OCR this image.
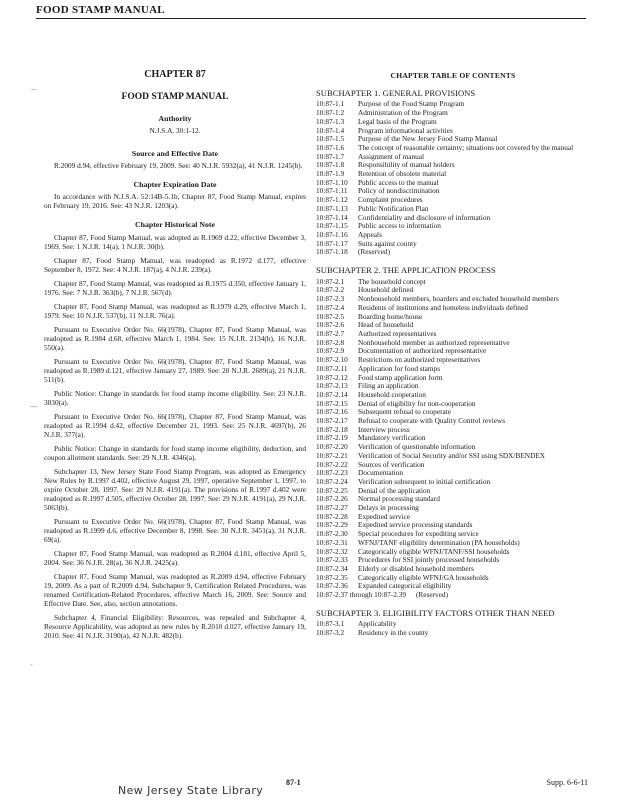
FOOD STAMP MANUAL
⌒
—
-
CHAPTER 87
FOOD STAMP MANUAL
Authority
N.J.S.A. 30:1-12.
Source and Effective Date
R.2009 d.94, effective February 19, 2009. See: 40 N.J.R. 5932(a), 41 N.J.R. 1245(b).
Chapter Expiration Date
In accordance with N.J.S.A. 52:14B-5.1b, Chapter 87, Food Stamp Manual, expires on February 19, 2016. See: 43 N.J.R. 1203(a).
Chapter Historical Note
Chapter 87, Food Stamp Manual, was adopted as R.1969 d.22, effective December 3, 1969. See: 1 N.J.R. 14(a), 1 N.J.R. 30(b).
Chapter 87, Food Stamp Manual, was readopted as R.1972 d.177, effective September 8, 1972. See: 4 N.J.R. 187(a), 4 N.J.R. 239(a).
Chapter 87, Food Stamp Manual, was readopted as R.1975 d.350, effective January 1, 1976. See: 7 N.J.R. 363(b), 7 N.J.R. 567(d).
Chapter 87, Food Stamp Manual, was readopted as R.1979 d.29, effective March 1, 1979. See: 10 N.J.R. 537(b), 11 N.J.R. 76(a).
Pursuant to Executive Order No. 66(1978), Chapter 87, Food Stamp Manual, was readopted as R.1984 d.68, effective March 1, 1984. See: 15 N.J.R. 2134(b), 16 N.J.R. 550(a).
Pursuant to Executive Order No. 66(1978), Chapter 87, Food Stamp Manual, was readopted as R.1989 d.121, effective January 27, 1989. See: 20 N.J.R. 2689(a), 21 N.J.R. 511(b).
Public Notice: Change in standards for food stamp income eligibility. See: 23 N.J.R. 3030(a).
Pursuant to Executive Order No. 66(1978), Chapter 87, Food Stamp Manual, was readopted as R.1994 d.42, effective December 21, 1993. See: 25 N.J.R. 4697(b), 26 N.J.R. 377(a).
Public Notice: Change in standards for food stamp income eligibility, deduction, and coupon allotment standards. See: 29 N.J.R. 4346(a).
Subchapter 13, New Jersey State Food Stamp Program, was adopted as Emergency New Rules by R.1997 d.402, effective August 29, 1997, operative September 1, 1997, to expire October 28, 1997. See: 29 N.J.R. 4191(a). The provisions of R.1997 d.402 were readopted as R.1997 d.505, effective October 28, 1997. See: 29 N.J.R. 4191(a), 29 N.J.R. 5063(b).
Pursuant to Executive Order No. 66(1978), Chapter 87, Food Stamp Manual, was readopted as R.1999 d.6, effective December 8, 1998. See: 30 N.J.R. 3451(a), 31 N.J.R. 69(a).
Chapter 87, Food Stamp Manual, was readopted as R.2004 d.181, effective April 5, 2004. See: 36 N.J.R. 28(a), 36 N.J.R. 2425(a).
Chapter 87, Food Stamp Manual, was readopted as R.2009 d.94, effective February 19, 2009. As a part of R.2009 d.94, Subchapter 9, Certification Related Procedures, was renamed Certification-Related Procedures, effective March 16, 2009. See: Source and Effective Date. See, also, section annotations.
Subchapter 4, Financial Eligibility: Resources, was repealed and Subchapter 4, Resource Applicability, was adopted as new rules by R.2010 d.027, effective January 19, 2010. See: 41 N.J.R. 3190(a), 42 N.J.R. 482(b).
CHAPTER TABLE OF CONTENTS
SUBCHAPTER 1. GENERAL PROVISIONS
10:87-1.1	Purpose of the Food Stamp Program
10:87-1.2	Administration of the Program
10:87-1.3	Legal basis of the Program
10:87-1.4	Program informational activities
10:87-1.5	Purpose of the New Jersey Food Stamp Manual
10:87-1.6	The concept of reasonable certainty; situations not covered by the manual
10:87-1.7	Assignment of manual
10:87-1.8	Responsibility of manual holders
10:87-1.9	Retention of obsolete material
10:87-1.10	Public access to the manual
10:87-1.11	Policy of nondiscrimination
10:87-1.12	Complaint procedures
10:87-1.13	Public Notification Plan
10:87-1.14	Confidentiality and disclosure of information
10:87-1.15	Public access to information
10:87-1.16	Appeals
10:87-1.17	Suits against county
10:87-1.18	(Reserved)
SUBCHAPTER 2. THE APPLICATION PROCESS
10:87-2.1	The household concept
10:87-2.2	Household defined
10:87-2.3	Nonhousehold members, boarders and excluded household members
10:87-2.4	Residents of institutions and homeless individuals defined
10:87-2.5	Boarding home/house
10:87-2.6	Head of household
10:87-2.7	Authorized representatives
10:87-2.8	Nonhousehold member as authorized representative
10:87-2.9	Documentation of authorized representative
10:87-2.10	Restrictions on authorized representatives
10:87-2.11	Application for food stamps
10:87-2.12	Food stamp application form
10:87-2.13	Filing an application
10:87-2.14	Household cooperation
10:87-2.15	Denial of eligibility for non-cooperation
10:87-2.16	Subsequent refusal to cooperate
10:87-2.17	Refusal to cooperate with Quality Control reviews
10:87-2.18	Interview process
10:87-2.19	Mandatory verification
10:87-2.20	Verification of questionable information
10:87-2.21	Verification of Social Security and/or SSI using SDX/BENDEX
10:87-2.22	Sources of verification
10:87-2.23	Documentation
10:87-2.24	Verification subsequent to initial certification
10:87-2.25	Denial of the application
10:87-2.26	Normal processing standard
10:87-2.27	Delays in processing
10:87-2.28	Expedited service
10:87-2.29	Expedited service processing standards
10:87-2.30	Special procedures for expediting service
10:87-2.31	WFNJ/TANF eligibility determination (PA households)
10:87-2.32	Categorically eligible WFNJ/TANF/SSI households
10:87-2.33	Procedures for SSI jointly processed households
10:87-2.34	Elderly or disabled household members
10:87-2.35	Categorically eligible WFNJ/GA households
10:87-2.36	Expanded categorical eligibility
10:87-2.37 through 10:87-2.39	(Reserved)
SUBCHAPTER 3. ELIGIBILITY FACTORS OTHER THAN NEED
10:87-3.1	Applicability
10:87-3.2	Residency in the county
87-1	Supp. 6-6-11
New Jersey State Library
